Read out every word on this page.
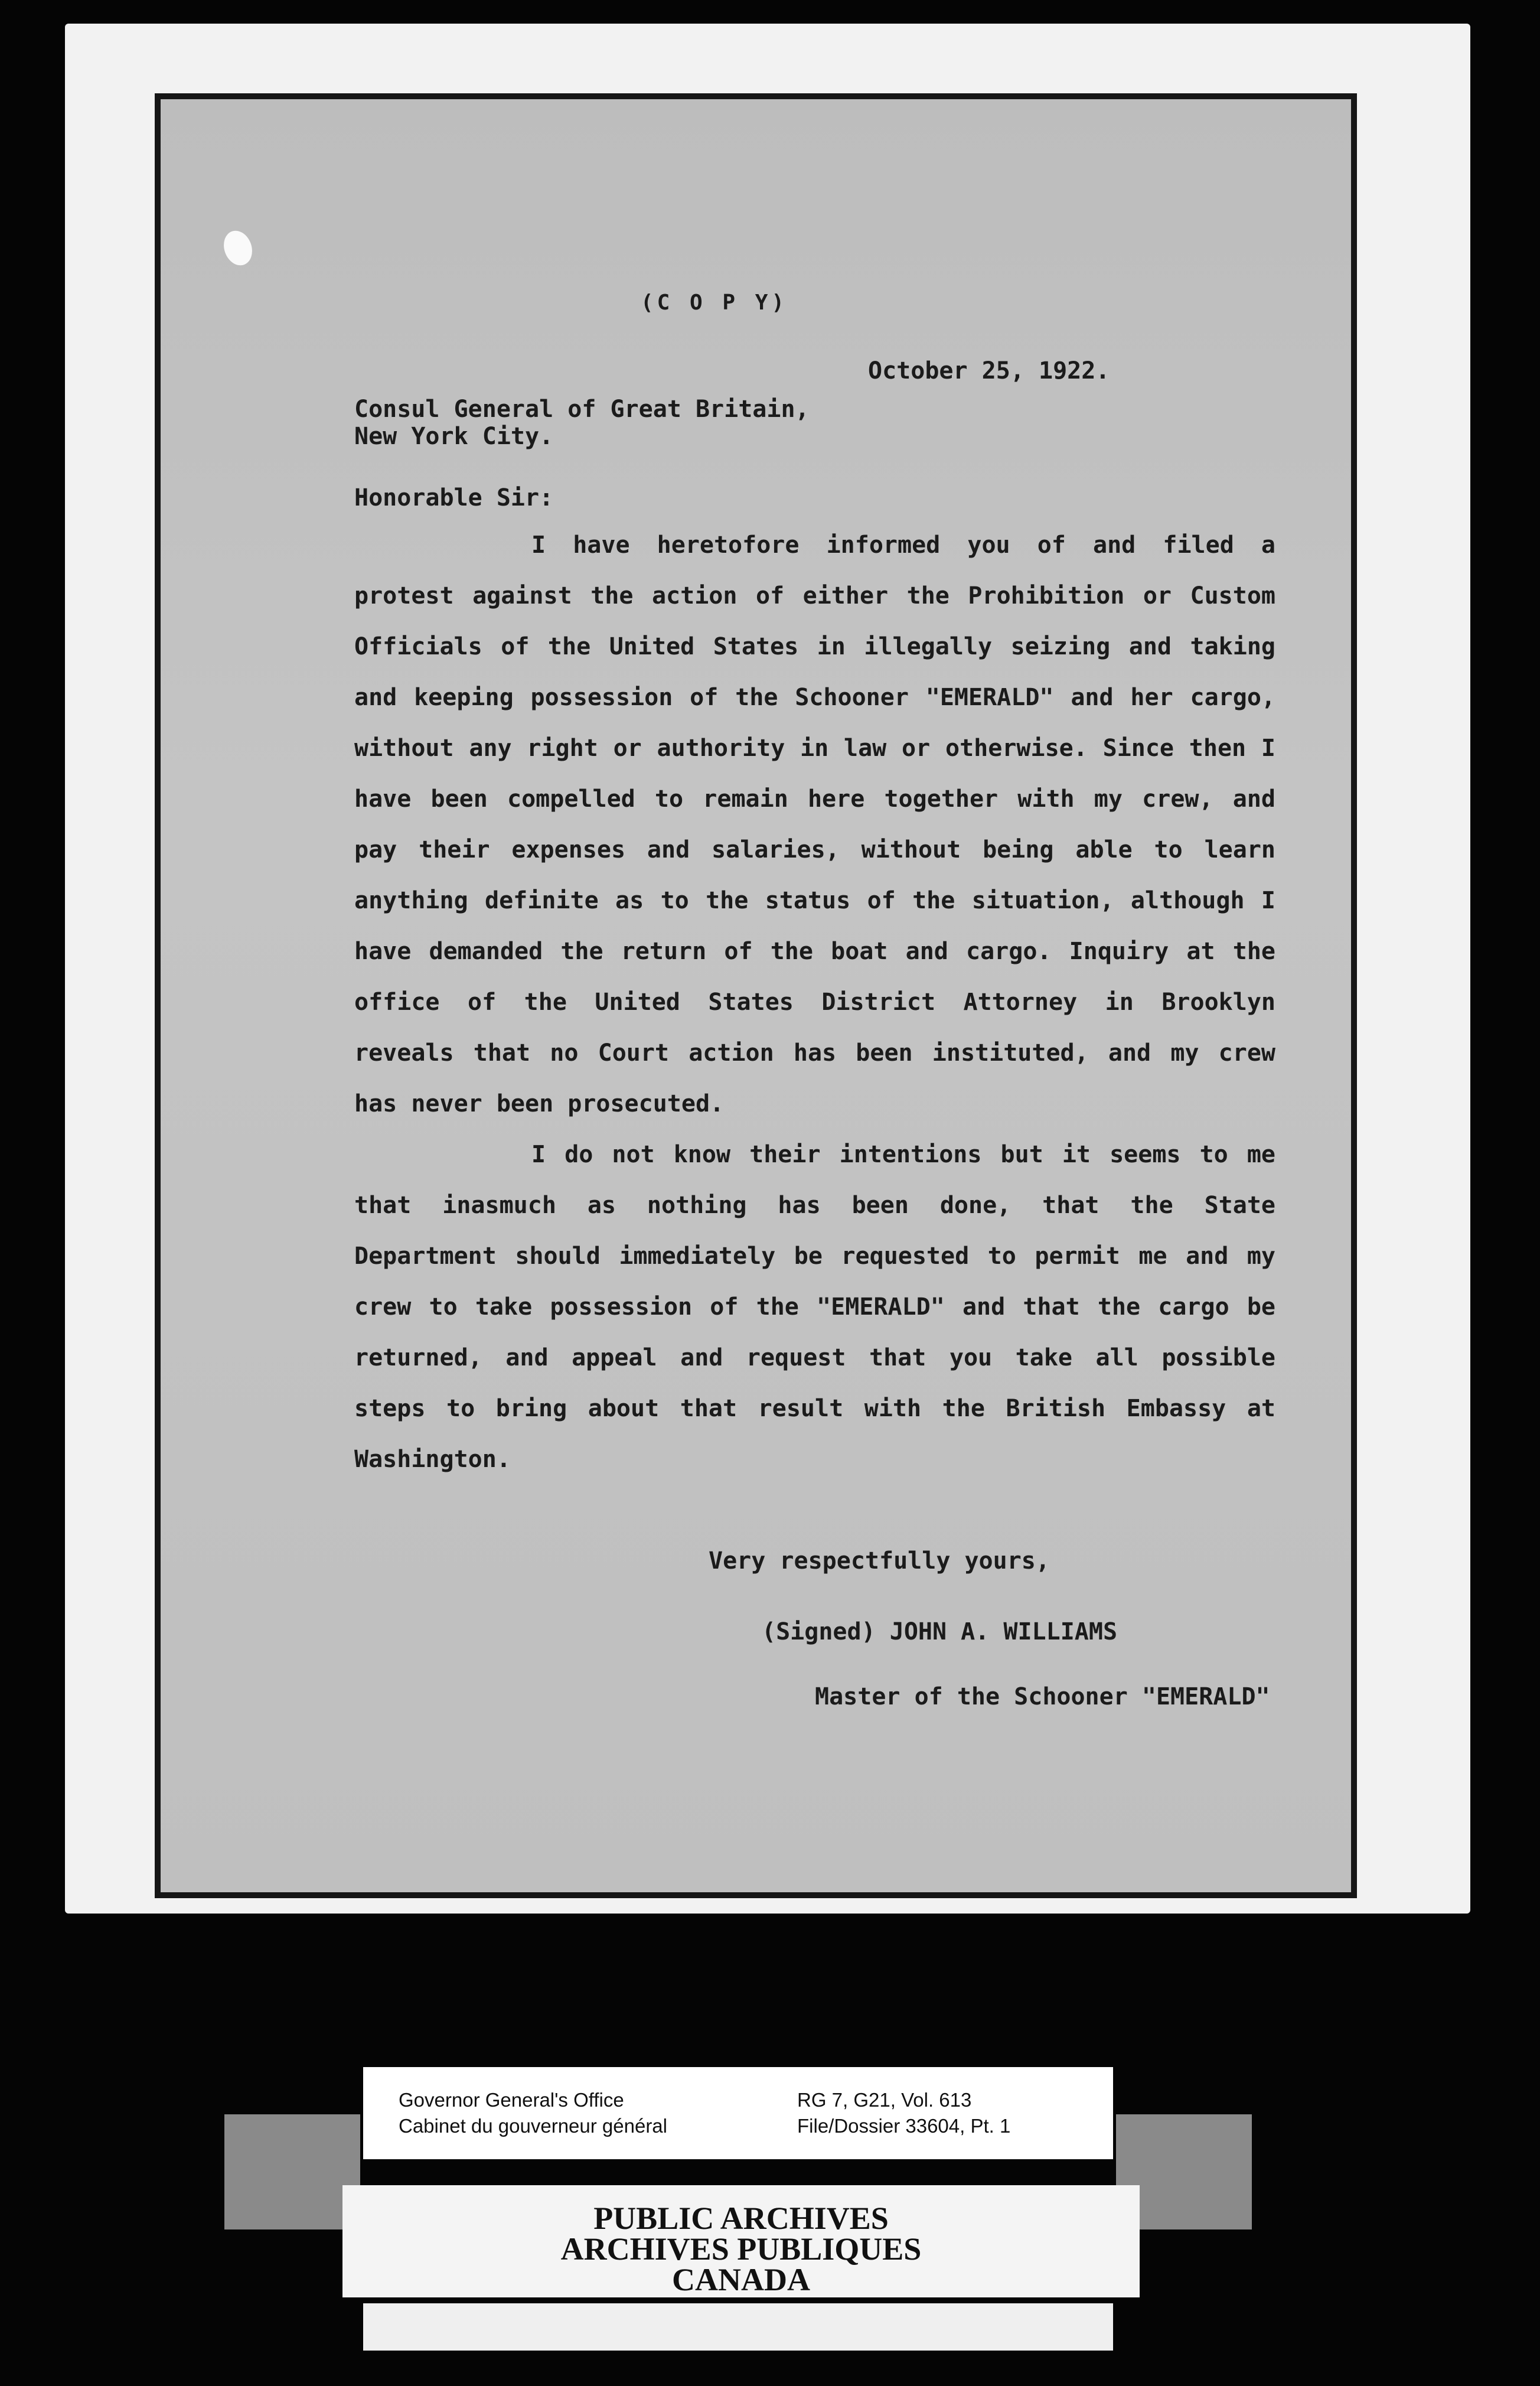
(C O P Y)
October 25, 1922.
Consul General of Great Britain,
New York City.
Honorable Sir:

I have heretofore informed you of and filed a protest against the action of either the Prohibition or Custom Officials of the United States in illegally seizing and taking and keeping possession of the Schooner "EMERALD" and her cargo, without any right or authority in law or otherwise. Since then I have been compelled to remain here together with my crew, and pay their expenses and salaries, without being able to learn anything definite as to the status of the situation, although I have demanded the return of the boat and cargo. Inquiry at the office of the United States District Attorney in Brooklyn reveals that no Court action has been instituted, and my crew has never been prosecuted.

I do not know their intentions but it seems to me that inasmuch as nothing has been done, that the State Department should immediately be requested to permit me and my crew to take possession of the "EMERALD" and that the cargo be returned, and appeal and request that you take all possible steps to bring about that result with the British Embassy at Washington.

Very respectfully yours,
(Signed) JOHN A. WILLIAMS
Master of the Schooner "EMERALD"
Governor General's Office
Cabinet du gouverneur général
RG 7, G21, Vol. 613
File/Dossier 33604, Pt. 1
PUBLIC ARCHIVES
ARCHIVES PUBLIQUES
CANADA
